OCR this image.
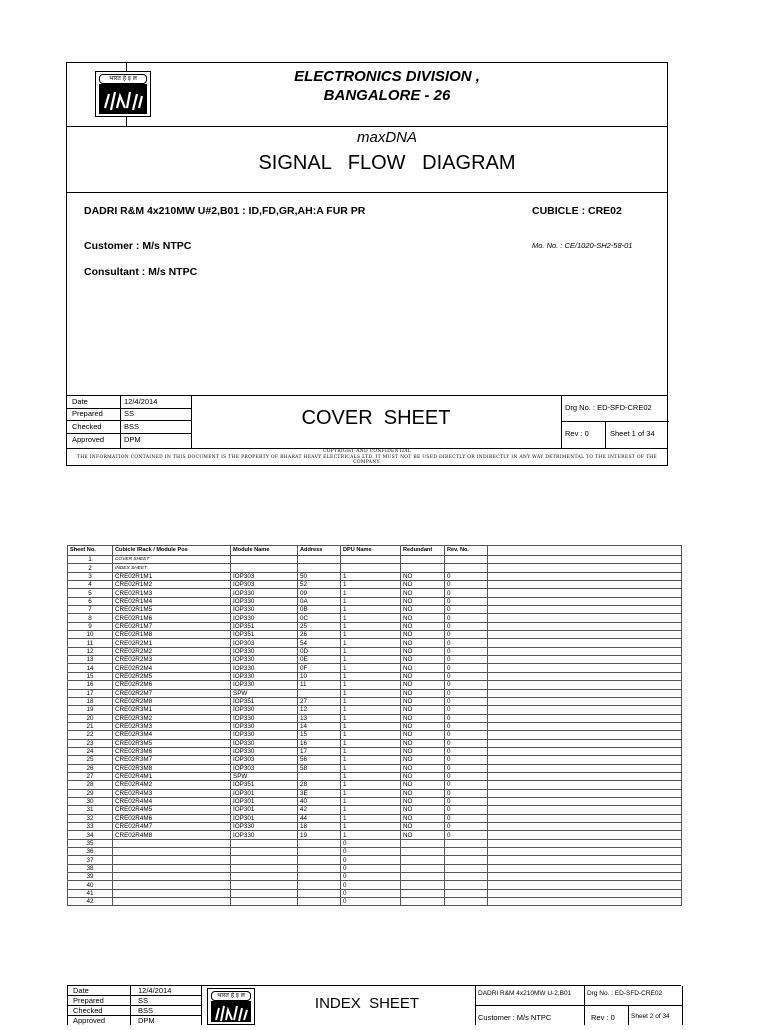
भारत हे इ ल	ELECTRONICS DIVISION ,
BANGALORE - 26
maxDNA
SIGNAL   FLOW   DIAGRAM
DADRI R&M 4x210MW U#2,B01 : ID,FD,GR,AH:A FUR PR	CUBICLE : CRE02
Customer : M/s NTPC	Mo. No. : CE/1020-SH2-58-01
Consultant : M/s NTPC
Date	12/4/2014
Prepared	SS
Checked	BSS
Approved	DPM
COVER  SHEET	Drg No. : ED-SFD-CRE02
Rev : 0	Sheet 1 of 34
COPYRIGHT AND CONFIDENTIAL
THE INFORMATION CONTAINED IN THIS DOCUMENT IS THE PROPERTY OF BHARAT HEAVY ELECTRICALS LTD. IT MUST NOT BE USED DIRECTLY OR INDIRECTLY IN ANY WAY DETRIMENTAL TO THE INTEREST OF THE COMPANY.
Sheet No.	Cubicle /Rack / Module Pos	Module Name	Address	DPU Name	Redundant	Rev. No.	
1	COVER SHEET						
2	INDEX SHEET						
3	CRE02R1M1	IOP303	50	1	NO	0	
4	CRE02R1M2	IOP303	52	1	NO	0	
5	CRE02R1M3	IOP330	09	1	NO	0	
6	CRE02R1M4	IOP330	0A	1	NO	0	
7	CRE02R1M5	IOP330	0B	1	NO	0	
8	CRE02R1M6	IOP330	0C	1	NO	0	
9	CRE02R1M7	IOP351	25	1	NO	0	
10	CRE02R1M8	IOP351	26	1	NO	0	
11	CRE02R2M1	IOP303	54	1	NO	0	
12	CRE02R2M2	IOP330	0D	1	NO	0	
13	CRE02R2M3	IOP330	0E	1	NO	0	
14	CRE02R2M4	IOP330	0F	1	NO	0	
15	CRE02R2M5	IOP330	10	1	NO	0	
16	CRE02R2M6	IOP330	11	1	NO	0	
17	CRE02R2M7	SPW		1	NO	0	
18	CRE02R2M8	IOP351	27	1	NO	0	
19	CRE02R3M1	IOP330	12	1	NO	0	
20	CRE02R3M2	IOP330	13	1	NO	0	
21	CRE02R3M3	IOP330	14	1	NO	0	
22	CRE02R3M4	IOP330	15	1	NO	0	
23	CRE02R3M5	IOP330	16	1	NO	0	
24	CRE02R3M6	IOP330	17	1	NO	0	
25	CRE02R3M7	IOP303	56	1	NO	0	
26	CRE02R3M8	IOP303	58	1	NO	0	
27	CRE02R4M1	SPW		1	NO	0	
28	CRE02R4M2	IOP351	28	1	NO	0	
29	CRE02R4M3	IOP301	3E	1	NO	0	
30	CRE02R4M4	IOP301	40	1	NO	0	
31	CRE02R4M5	IOP301	42	1	NO	0	
32	CRE02R4M6	IOP301	44	1	NO	0	
33	CRE02R4M7	IOP330	18	1	NO	0	
34	CRE02R4M8	IOP330	19	1	NO	0	
35				0			
36				0			
37				0			
38				0			
39				0			
40				0			
41				0			
42				0			
Date	12/4/2014
Prepared	SS
Checked	BSS
Approved	DPM
भारत हे इ ल	INDEX  SHEET
DADRI R&M 4x210MW U-2,B01 Drg No. : ED-SFD-CRE02
Customer : M/s NTPC	Rev : 0 Sheet 2 of 34
